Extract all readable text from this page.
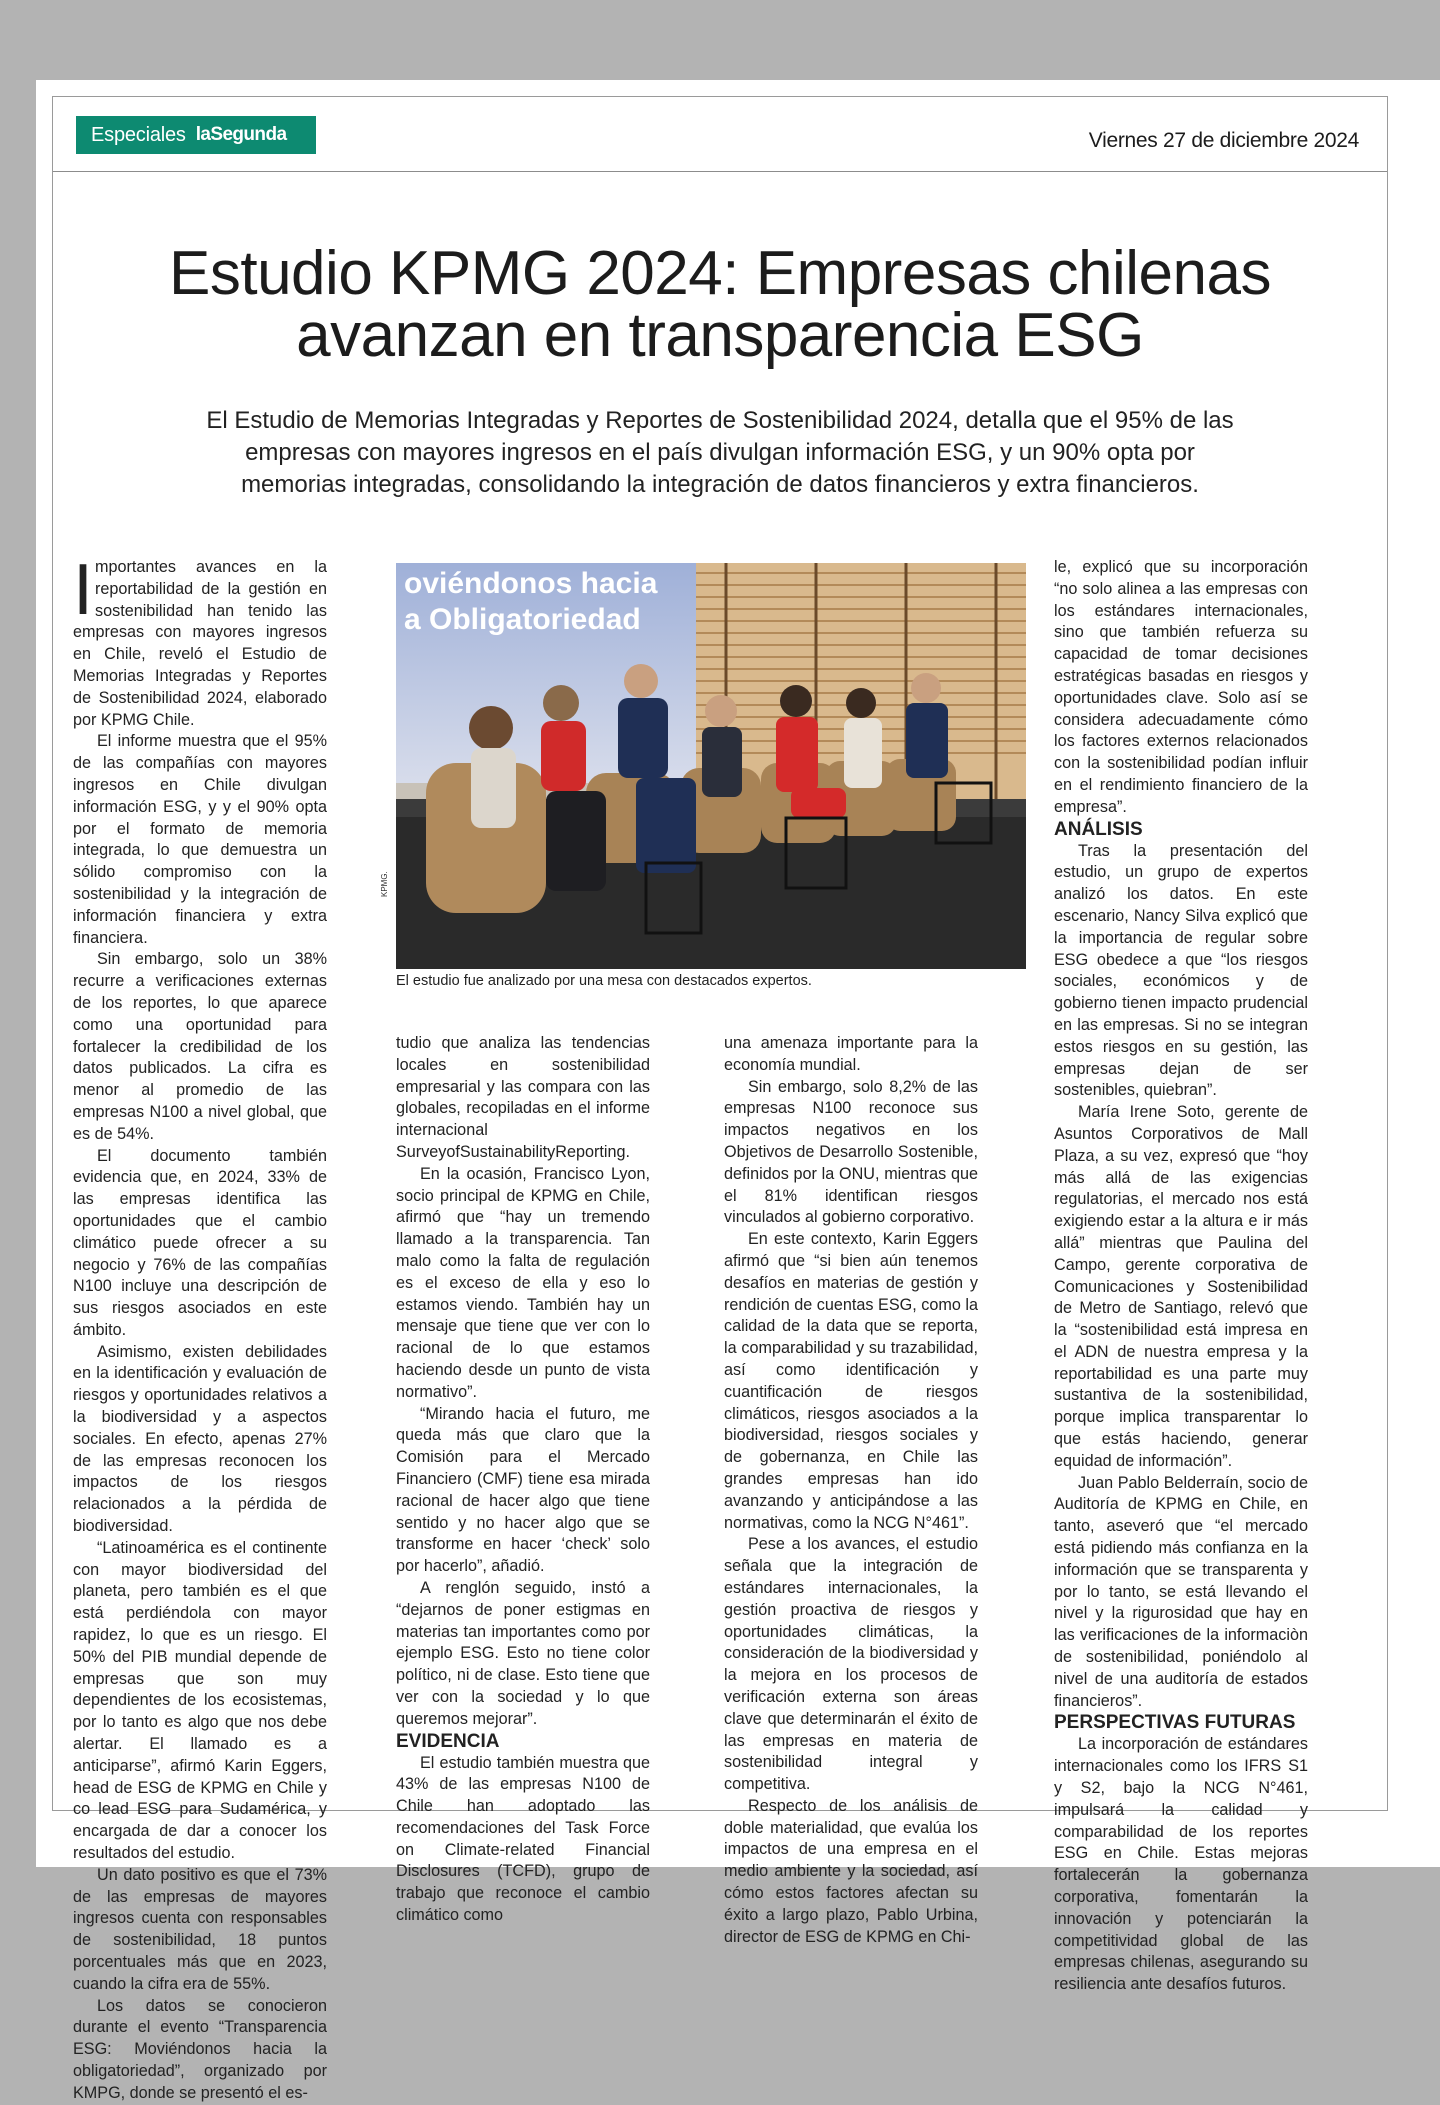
Especiales laSegunda	Viernes 27 de diciembre 2024
Estudio KPMG 2024: Empresas chilenas
avanzan en transparencia ESG

El Estudio de Memorias Integradas y Reportes de Sostenibilidad 2024, detalla que el 95% de las
empresas con mayores ingresos en el país divulgan información ESG, y un 90% opta por
memorias integradas, consolidando la integración de datos financieros y extra financieros.

Importantes avances en la reportabilidad de la gestión en sostenibilidad han tenido las empresas con mayores ingresos en Chile, reveló el Estudio de Memorias Integradas y Reportes de Sostenibilidad 2024, elaborado por KPMG Chile.

El informe muestra que el 95% de las compañías con mayores ingresos en Chile divulgan información ESG, y y el 90% opta por el formato de memoria integrada, lo que demuestra un sólido compromiso con la sostenibilidad y la integración de información financiera y extra financiera.

Sin embargo, solo un 38% recurre a verificaciones externas de los reportes, lo que aparece como una oportunidad para fortalecer la credibilidad de los datos publicados. La cifra es menor al promedio de las empresas N100 a nivel global, que es de 54%.

El documento también evidencia que, en 2024, 33% de las empresas identifica las oportunidades que el cambio climático puede ofrecer a su negocio y 76% de las compañías N100 incluye una descripción de sus riesgos asociados en este ámbito.

Asimismo, existen debilidades en la identificación y evaluación de riesgos y oportunidades relativos a la biodiversidad y a aspectos sociales. En efecto, apenas 27% de las empresas reconocen los impactos de los riesgos relacionados a la pérdida de biodiversidad.

“Latinoamérica es el continente con mayor biodiversidad del planeta, pero también es el que está perdiéndola con mayor rapidez, lo que es un riesgo. El 50% del PIB mundial depende de empresas que son muy dependientes de los ecosistemas, por lo tanto es algo que nos debe alertar. El llamado es a anticiparse”, afirmó Karin Eggers, head de ESG de KPMG en Chile y co lead ESG para Sudamérica, y encargada de dar a conocer los resultados del estudio.

Un dato positivo es que el 73% de las empresas de mayores ingresos cuenta con responsables de sostenibilidad, 18 puntos porcentuales más que en 2023, cuando la cifra era de 55%.

Los datos se conocieron durante el evento “Transparencia ESG: Moviéndonos hacia la obligatoriedad”, organizado por KMPG, donde se presentó el es-

oviéndonos hacia
a Obligatoriedad
KPMG.
El estudio fue analizado por una mesa con destacados expertos.

tudio que analiza las tendencias locales en sostenibilidad empresarial y las compara con las globales, recopiladas en el informe internacional SurveyofSustainabilityReporting.

En la ocasión, Francisco Lyon, socio principal de KPMG en Chile, afirmó que “hay un tremendo llamado a la transparencia. Tan malo como la falta de regulación es el exceso de ella y eso lo estamos viendo. También hay un mensaje que tiene que ver con lo racional de lo que estamos haciendo desde un punto de vista normativo”.

“Mirando hacia el futuro, me queda más que claro que la Comisión para el Mercado Financiero (CMF) tiene esa mirada racional de hacer algo que tiene sentido y no hacer algo que se transforme en hacer ‘check’ solo por hacerlo”, añadió.

A renglón seguido, instó a “dejarnos de poner estigmas en materias tan importantes como por ejemplo ESG. Esto no tiene color político, ni de clase. Esto tiene que ver con la sociedad y lo que queremos mejorar”.

EVIDENCIA

El estudio también muestra que 43% de las empresas N100 de Chile han adoptado las recomendaciones del Task Force on Climate-related Financial Disclosures (TCFD), grupo de trabajo que reconoce el cambio climático como

una amenaza importante para la economía mundial.

Sin embargo, solo 8,2% de las empresas N100 reconoce sus impactos negativos en los Objetivos de Desarrollo Sostenible, definidos por la ONU, mientras que el 81% identifican riesgos vinculados al gobierno corporativo.

En este contexto, Karin Eggers afirmó que “si bien aún tenemos desafíos en materias de gestión y rendición de cuentas ESG, como la calidad de la data que se reporta, la comparabilidad y su trazabilidad, así como identificación y cuantificación de riesgos climáticos, riesgos asociados a la biodiversidad, riesgos sociales y de gobernanza, en Chile las grandes empresas han ido avanzando y anticipándose a las normativas, como la NCG N°461”.

Pese a los avances, el estudio señala que la integración de estándares internacionales, la gestión proactiva de riesgos y oportunidades climáticas, la consideración de la biodiversidad y la mejora en los procesos de verificación externa son áreas clave que determinarán el éxito de las empresas en materia de sostenibilidad integral y competitiva.

Respecto de los análisis de doble materialidad, que evalúa los impactos de una empresa en el medio ambiente y la sociedad, así cómo estos factores afectan su éxito a largo plazo, Pablo Urbina, director de ESG de KPMG en Chi-

le, explicó que su incorporación “no solo alinea a las empresas con los estándares internacionales, sino que también refuerza su capacidad de tomar decisiones estratégicas basadas en riesgos y oportunidades clave. Solo así se considera adecuadamente cómo los factores externos relacionados con la sostenibilidad podían influir en el rendimiento financiero de la empresa”.

ANÁLISIS

Tras la presentación del estudio, un grupo de expertos analizó los datos. En este escenario, Nancy Silva explicó que la importancia de regular sobre ESG obedece a que “los riesgos sociales, económicos y de gobierno tienen impacto prudencial en las empresas. Si no se integran estos riesgos en su gestión, las empresas dejan de ser sostenibles, quiebran”.

María Irene Soto, gerente de Asuntos Corporativos de Mall Plaza, a su vez, expresó que “hoy más allá de las exigencias regulatorias, el mercado nos está exigiendo estar a la altura e ir más allá” mientras que Paulina del Campo, gerente corporativa de Comunicaciones y Sostenibilidad de Metro de Santiago, relevó que la “sostenibilidad está impresa en el ADN de nuestra empresa y la reportabilidad es una parte muy sustantiva de la sostenibilidad, porque implica transparentar lo que estás haciendo, generar equidad de información”.

Juan Pablo Belderraín, socio de Auditoría de KPMG en Chile, en tanto, aseveró que “el mercado está pidiendo más confianza en la información que se transparenta y por lo tanto, se está llevando el nivel y la rigurosidad que hay en las verificaciones de la informaciòn de sostenibilidad, poniéndolo al nivel de una auditoría de estados financieros”.

PERSPECTIVAS FUTURAS

La incorporación de estándares internacionales como los IFRS S1 y S2, bajo la NCG N°461, impulsará la calidad y comparabilidad de los reportes ESG en Chile. Estas mejoras fortalecerán la gobernanza corporativa, fomentarán la innovación y potenciarán la competitividad global de las empresas chilenas, asegurando su resiliencia ante desafíos futuros.
